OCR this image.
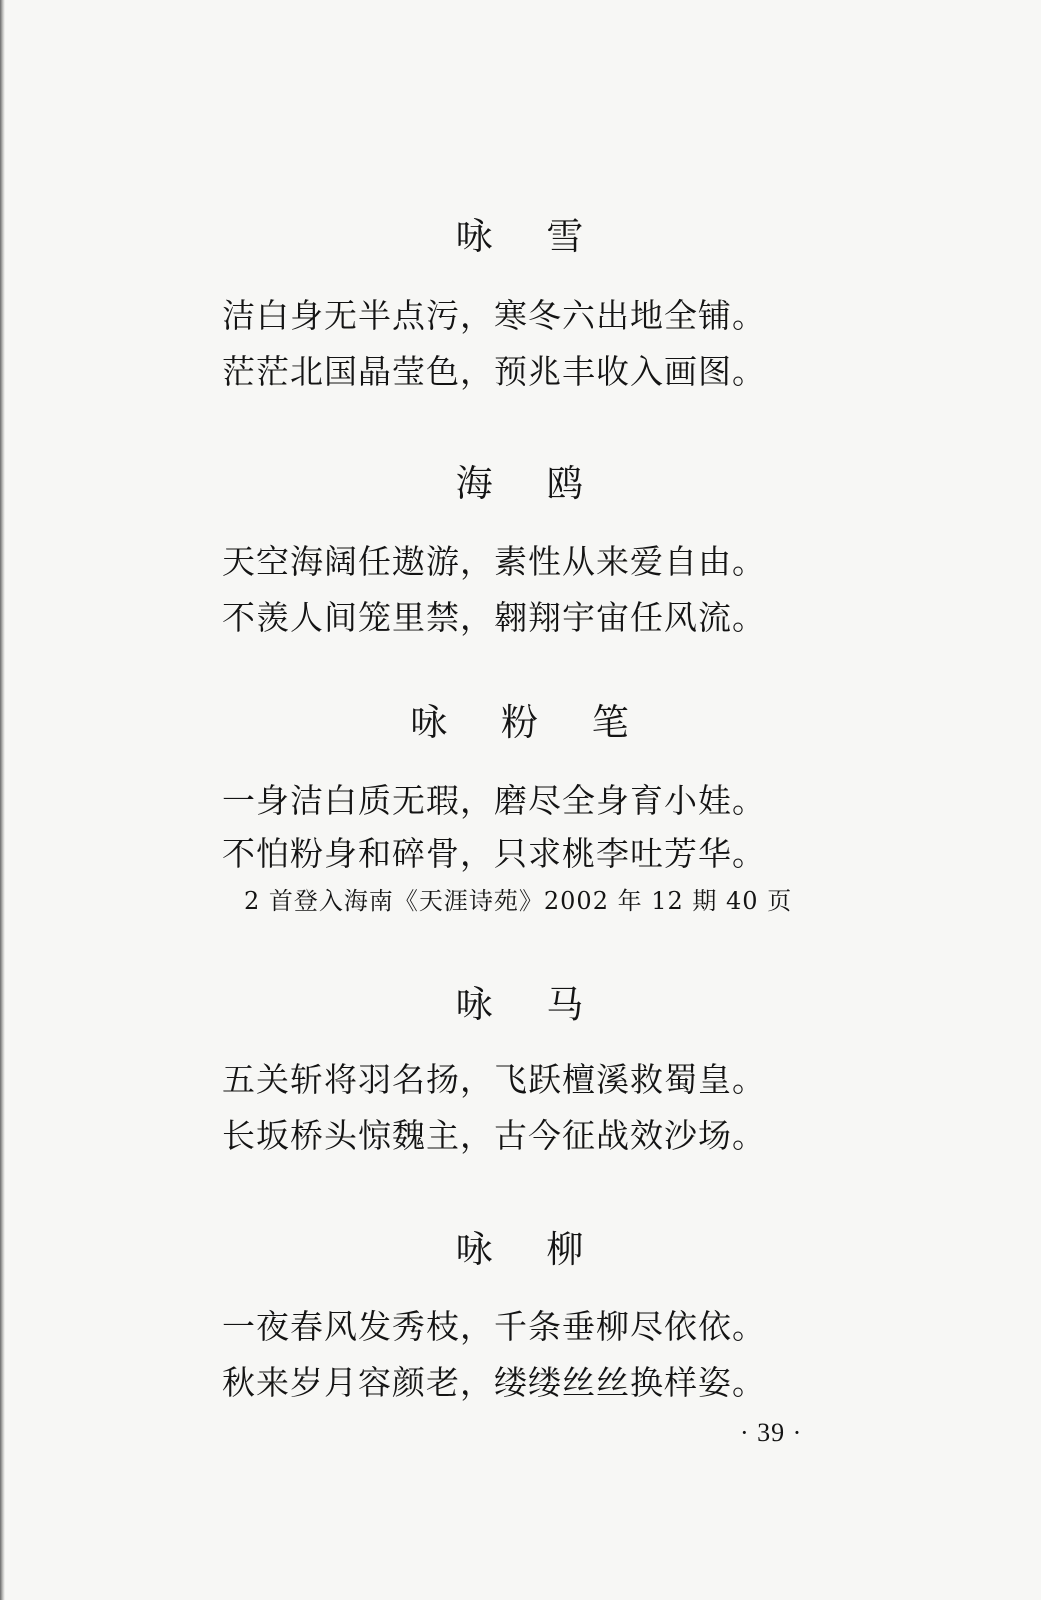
咏 雪

洁白身无半点污，寒冬六出地全铺。

茫茫北国晶莹色，预兆丰收入画图。

海 鸥

天空海阔任遨游，素性从来爱自由。

不羡人间笼里禁，翱翔宇宙任风流。

咏 粉 笔

一身洁白质无瑕，磨尽全身育小娃。

不怕粉身和碎骨，只求桃李吐芳华。

2 首登入海南《天涯诗苑》2002 年 12 期 40 页

咏 马

五关斩将羽名扬，飞跃檀溪救蜀皇。

长坂桥头惊魏主，古今征战效沙场。

咏 柳

一夜春风发秀枝，千条垂柳尽依依。

秋来岁月容颜老，缕缕丝丝换样姿。

· 39 ·
